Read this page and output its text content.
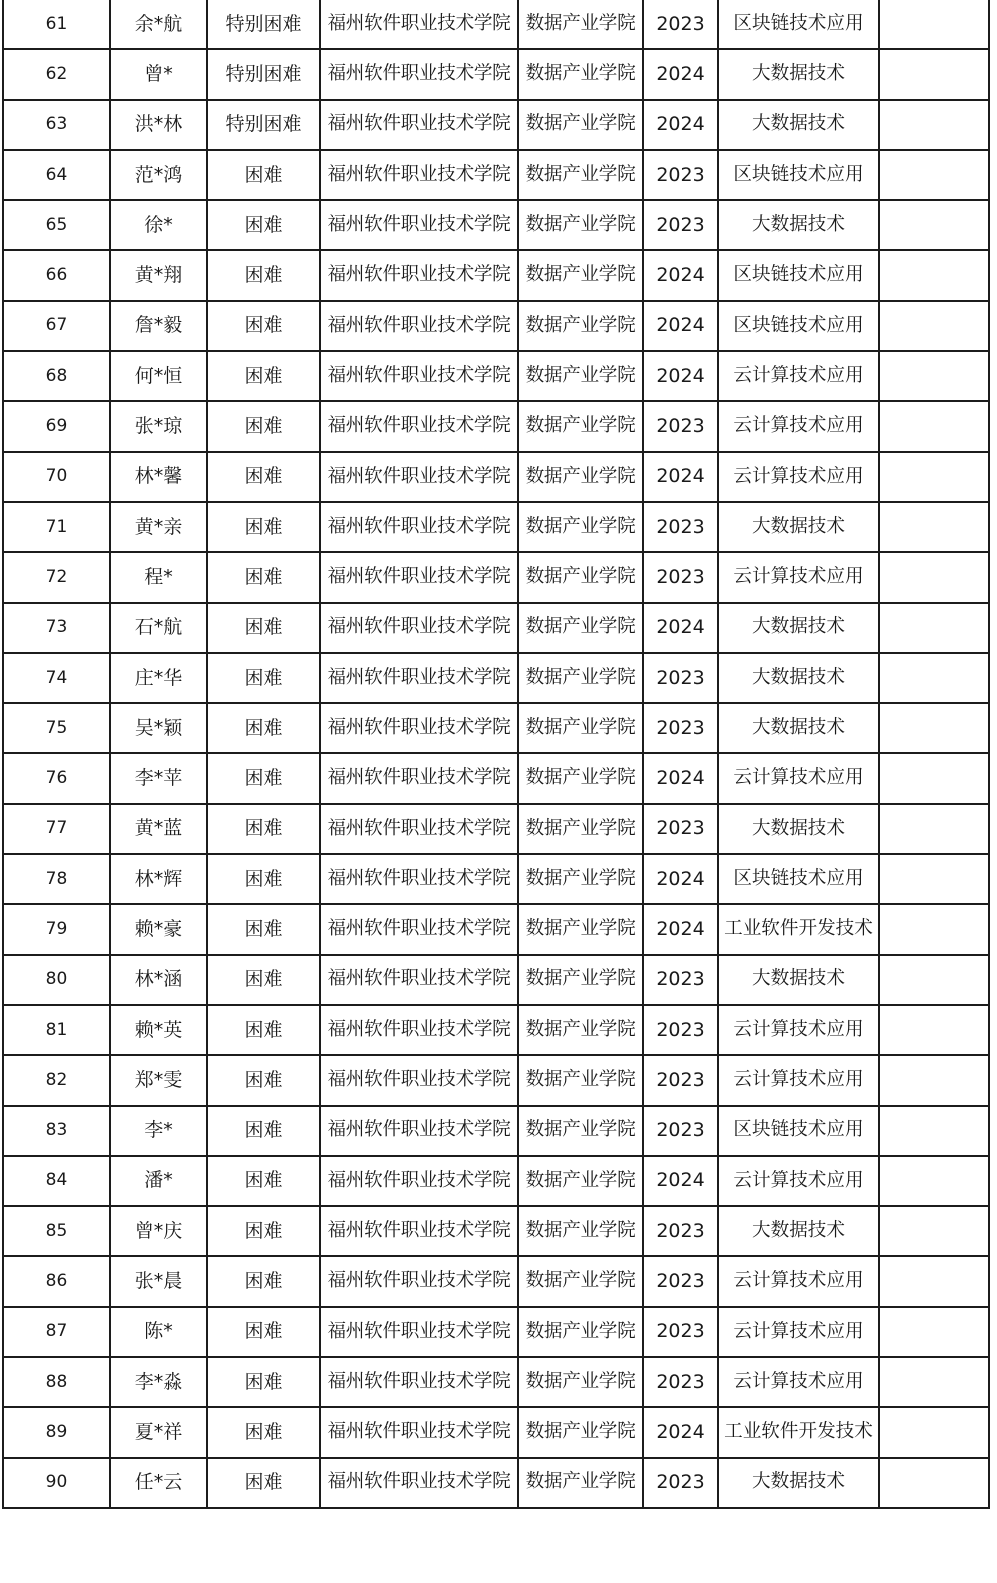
61	余*航	特别困难	福州软件职业技术学院	数据产业学院	2023	区块链技术应用	
62	曾*	特别困难	福州软件职业技术学院	数据产业学院	2024	大数据技术	
63	洪*林	特别困难	福州软件职业技术学院	数据产业学院	2024	大数据技术	
64	范*鸿	困难	福州软件职业技术学院	数据产业学院	2023	区块链技术应用	
65	徐*	困难	福州软件职业技术学院	数据产业学院	2023	大数据技术	
66	黄*翔	困难	福州软件职业技术学院	数据产业学院	2024	区块链技术应用	
67	詹*毅	困难	福州软件职业技术学院	数据产业学院	2024	区块链技术应用	
68	何*恒	困难	福州软件职业技术学院	数据产业学院	2024	云计算技术应用	
69	张*琼	困难	福州软件职业技术学院	数据产业学院	2023	云计算技术应用	
70	林*馨	困难	福州软件职业技术学院	数据产业学院	2024	云计算技术应用	
71	黄*亲	困难	福州软件职业技术学院	数据产业学院	2023	大数据技术	
72	程*	困难	福州软件职业技术学院	数据产业学院	2023	云计算技术应用	
73	石*航	困难	福州软件职业技术学院	数据产业学院	2024	大数据技术	
74	庄*华	困难	福州软件职业技术学院	数据产业学院	2023	大数据技术	
75	吴*颖	困难	福州软件职业技术学院	数据产业学院	2023	大数据技术	
76	李*苹	困难	福州软件职业技术学院	数据产业学院	2024	云计算技术应用	
77	黄*蓝	困难	福州软件职业技术学院	数据产业学院	2023	大数据技术	
78	林*辉	困难	福州软件职业技术学院	数据产业学院	2024	区块链技术应用	
79	赖*豪	困难	福州软件职业技术学院	数据产业学院	2024	工业软件开发技术	
80	林*涵	困难	福州软件职业技术学院	数据产业学院	2023	大数据技术	
81	赖*英	困难	福州软件职业技术学院	数据产业学院	2023	云计算技术应用	
82	郑*雯	困难	福州软件职业技术学院	数据产业学院	2023	云计算技术应用	
83	李*	困难	福州软件职业技术学院	数据产业学院	2023	区块链技术应用	
84	潘*	困难	福州软件职业技术学院	数据产业学院	2024	云计算技术应用	
85	曾*庆	困难	福州软件职业技术学院	数据产业学院	2023	大数据技术	
86	张*晨	困难	福州软件职业技术学院	数据产业学院	2023	云计算技术应用	
87	陈*	困难	福州软件职业技术学院	数据产业学院	2023	云计算技术应用	
88	李*淼	困难	福州软件职业技术学院	数据产业学院	2023	云计算技术应用	
89	夏*祥	困难	福州软件职业技术学院	数据产业学院	2024	工业软件开发技术	
90	任*云	困难	福州软件职业技术学院	数据产业学院	2023	大数据技术	
